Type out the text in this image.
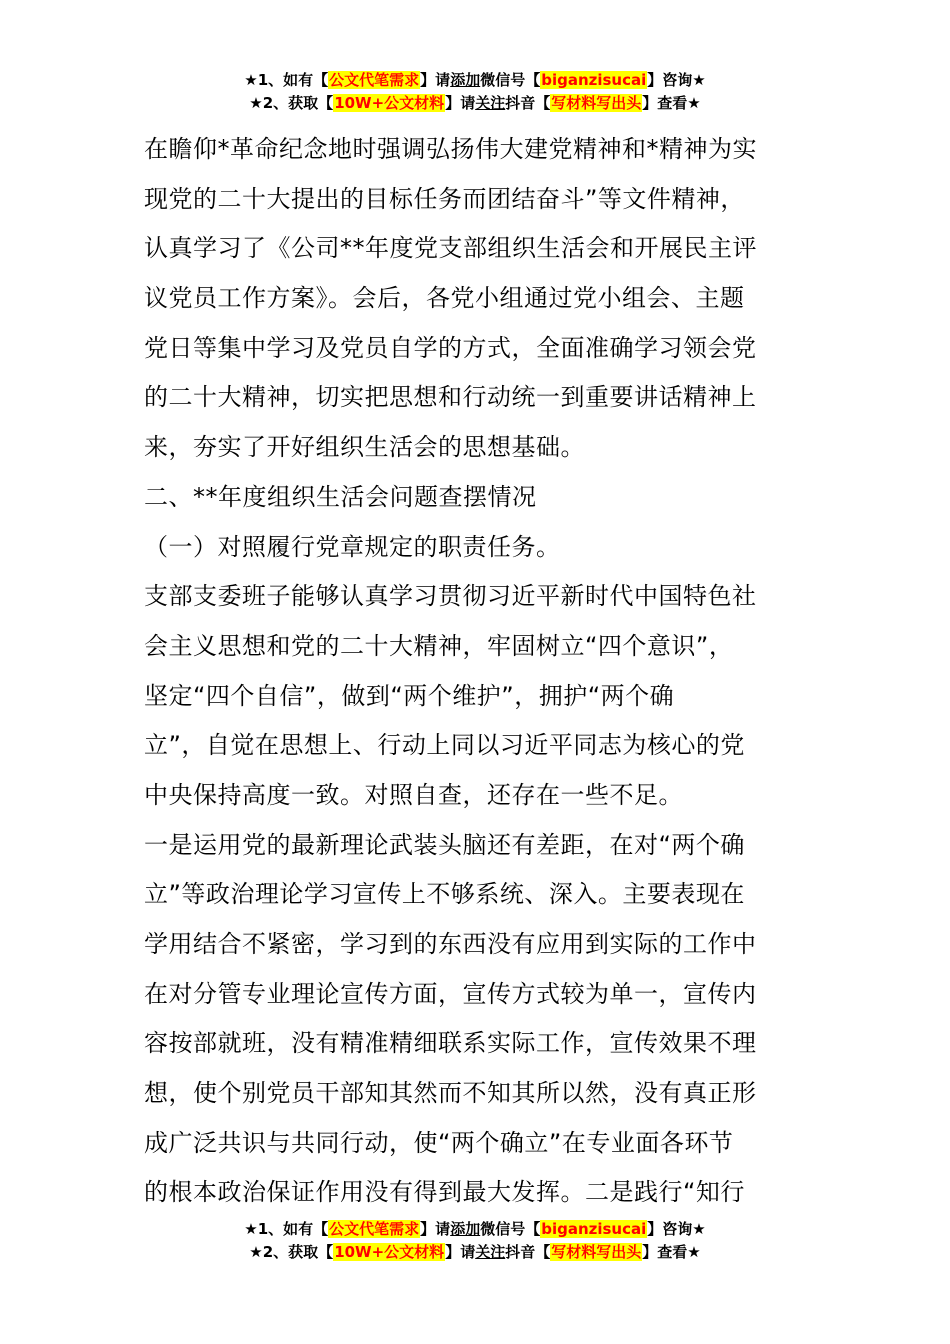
★1、如有【公文代笔需求】请添加微信号【biganzisucai】咨询★
★2、获取【10W+公文材料】请关注抖音【写材料写出头】查看★
在瞻仰*革命纪念地时强调弘扬伟大建党精神和*精神为实
现党的二十大提出的目标任务而团结奋斗”等文件精神，
认真学习了《公司**年度党支部组织生活会和开展民主评
议党员工作方案》。会后，各党小组通过党小组会、主题
党日等集中学习及党员自学的方式，全面准确学习领会党
的二十大精神，切实把思想和行动统一到重要讲话精神上
来，夯实了开好组织生活会的思想基础。
二、**年度组织生活会问题查摆情况
（一）对照履行党章规定的职责任务。
支部支委班子能够认真学习贯彻习近平新时代中国特色社
会主义思想和党的二十大精神，牢固树立“四个意识”，
坚定“四个自信”，做到“两个维护”，拥护“两个确
立”，自觉在思想上、行动上同以习近平同志为核心的党
中央保持高度一致。对照自查，还存在一些不足。
一是运用党的最新理论武装头脑还有差距，在对“两个确
立”等政治理论学习宣传上不够系统、深入。主要表现在
学用结合不紧密，学习到的东西没有应用到实际的工作中
在对分管专业理论宣传方面，宣传方式较为单一，宣传内
容按部就班，没有精准精细联系实际工作，宣传效果不理
想，使个别党员干部知其然而不知其所以然，没有真正形
成广泛共识与共同行动，使“两个确立”在专业面各环节
的根本政治保证作用没有得到最大发挥。二是践行“知行
★1、如有【公文代笔需求】请添加微信号【biganzisucai】咨询★
★2、获取【10W+公文材料】请关注抖音【写材料写出头】查看★
